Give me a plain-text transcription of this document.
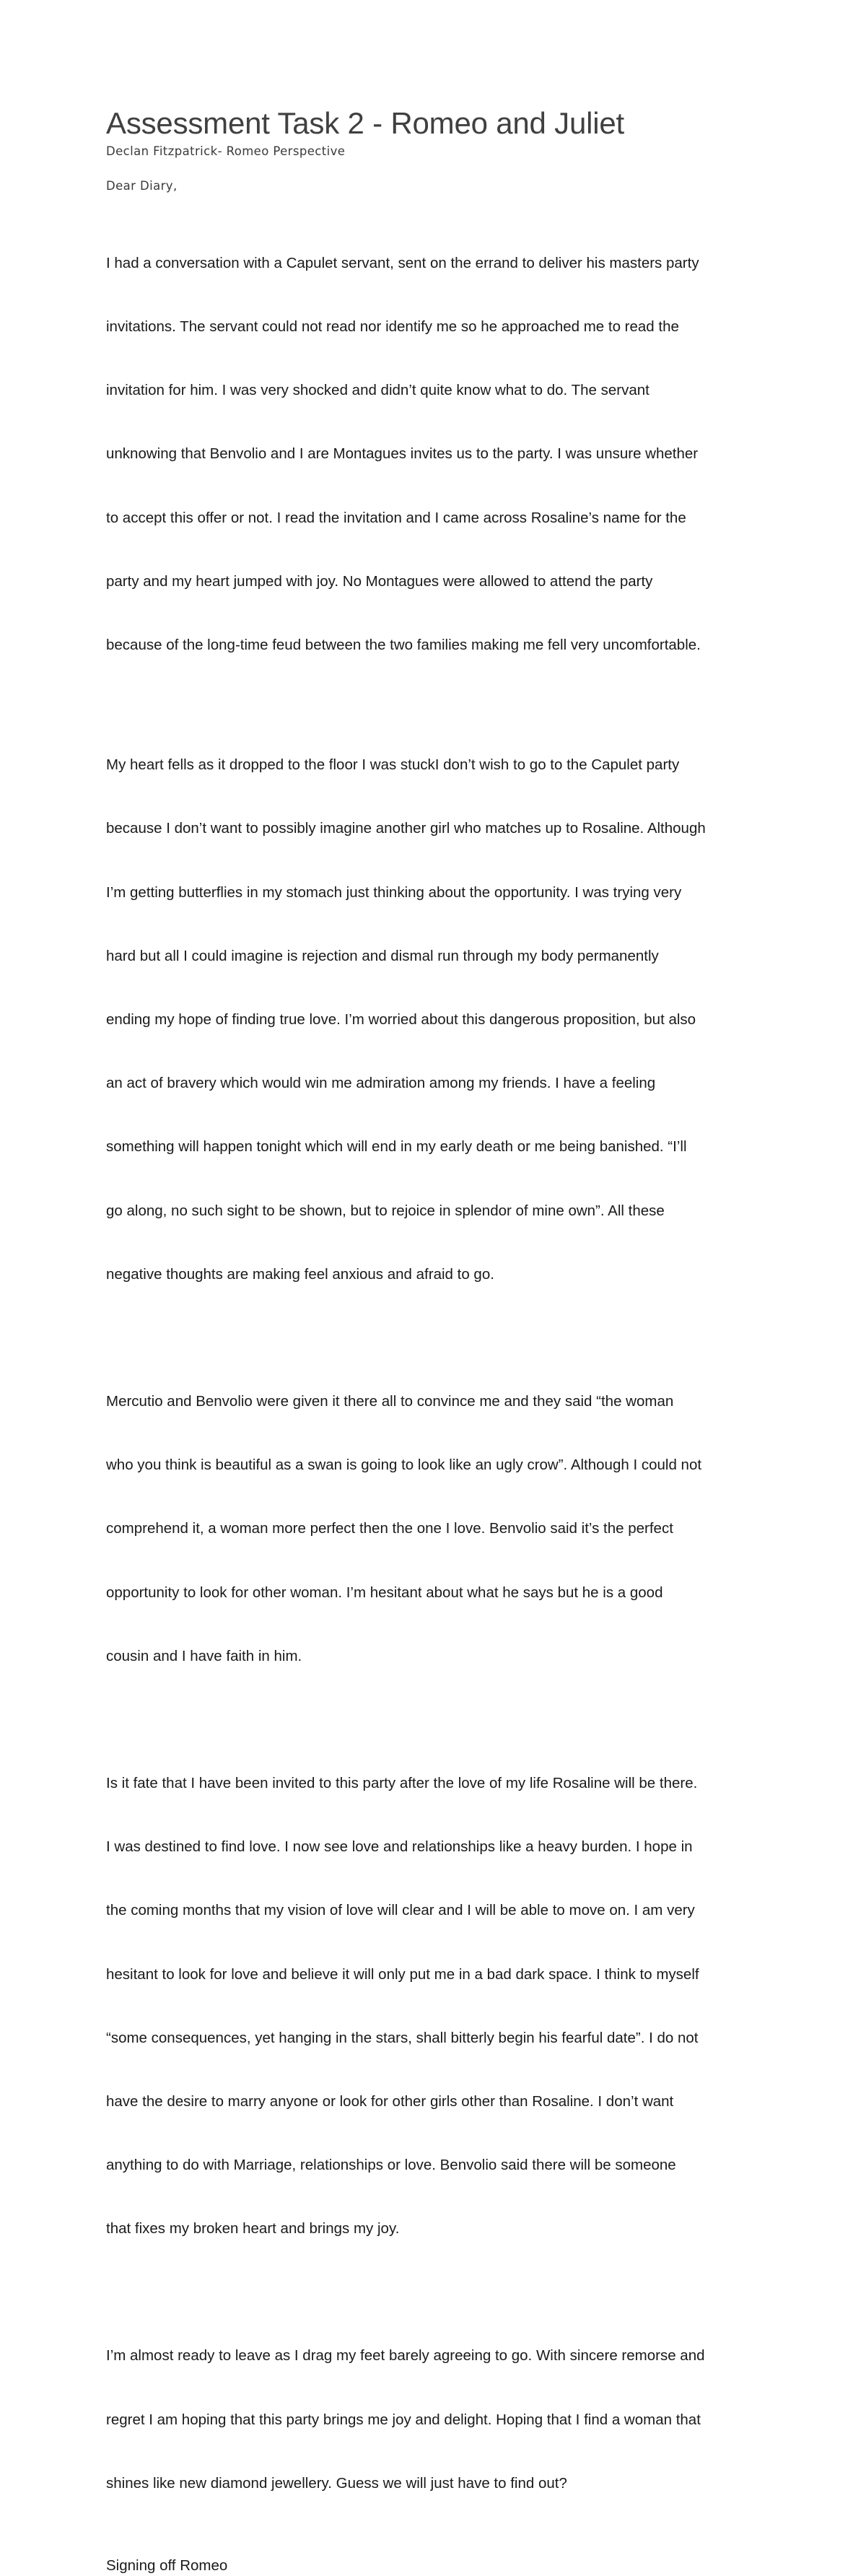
Assessment Task 2 - Romeo and Juliet
Declan Fitzpatrick- Romeo Perspective
Dear Diary,

I had a conversation with a Capulet servant, sent on the errand to deliver his masters party

invitations. The servant could not read nor identify me so he approached me to read the

invitation for him. I was very shocked and didn’t quite know what to do. The servant

unknowing that Benvolio and I are Montagues invites us to the party. I was unsure whether

to accept this offer or not. I read the invitation and I came across Rosaline’s name for the

party and my heart jumped with joy. No Montagues were allowed to attend the party

because of the long-time feud between the two families making me fell very uncomfortable.

My heart fells as it dropped to the floor I was stuckI don’t wish to go to the Capulet party

because I don’t want to possibly imagine another girl who matches up to Rosaline. Although

I’m getting butterflies in my stomach just thinking about the opportunity. I was trying very

hard but all I could imagine is rejection and dismal run through my body permanently

ending my hope of finding true love. I’m worried about this dangerous proposition, but also

an act of bravery which would win me admiration among my friends. I have a feeling

something will happen tonight which will end in my early death or me being banished. “I’ll

go along, no such sight to be shown, but to rejoice in splendor of mine own”. All these

negative thoughts are making feel anxious and afraid to go.

Mercutio and Benvolio were given it there all to convince me and they said “the woman

who you think is beautiful as a swan is going to look like an ugly crow”. Although I could not

comprehend it, a woman more perfect then the one I love. Benvolio said it’s the perfect

opportunity to look for other woman. I’m hesitant about what he says but he is a good

cousin and I have faith in him.

Is it fate that I have been invited to this party after the love of my life Rosaline will be there.

I was destined to find love. I now see love and relationships like a heavy burden. I hope in

the coming months that my vision of love will clear and I will be able to move on. I am very

hesitant to look for love and believe it will only put me in a bad dark space. I think to myself

“some consequences, yet hanging in the stars, shall bitterly begin his fearful date”. I do not

have the desire to marry anyone or look for other girls other than Rosaline. I don’t want

anything to do with Marriage, relationships or love. Benvolio said there will be someone

that fixes my broken heart and brings my joy.

I’m almost ready to leave as I drag my feet barely agreeing to go. With sincere remorse and

regret I am hoping that this party brings me joy and delight. Hoping that I find a woman that

shines like new diamond jewellery. Guess we will just have to find out?

Signing off Romeo
